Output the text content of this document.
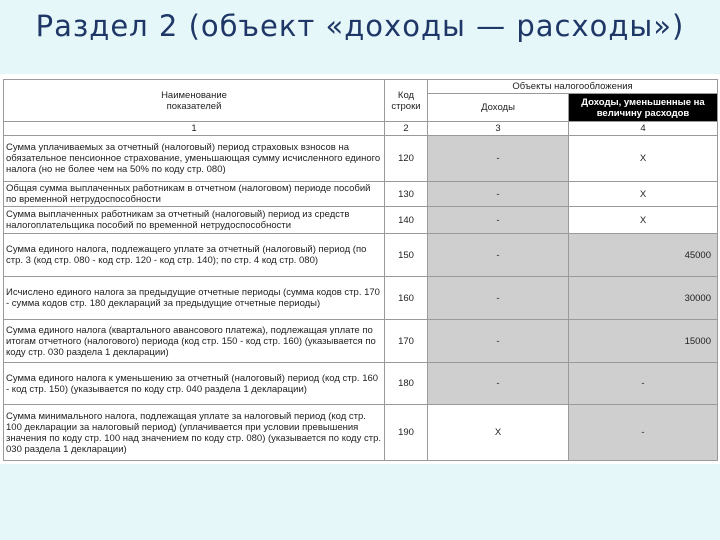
Раздел 2 (объект «доходы — расходы»)
Наименование показателей	Код строки	Объекты налогообложения	
		Доходы	Доходы, уменьшенные на величину расходов
1	2	3	4
Сумма уплачиваемых за отчетный (налоговый) период страховых взносов на обязательное пенсионное страхование, уменьшающая сумму исчисленного единого налога (но не более чем на 50% по коду стр. 080)	120	-	X
Общая сумма выплаченных работникам в отчетном (налоговом) периоде пособий по временной нетрудоспособности	130	-	X
Сумма выплаченных работникам за отчетный (налоговый) период из средств налогоплательщика пособий по временной нетрудоспособности	140	-	X
Сумма единого налога, подлежащего уплате за отчетный (налоговый) период (по стр. 3 (код стр. 080 - код стр. 120 - код стр. 140); по стр. 4 код стр. 080)	150	-	45000
Исчислено единого налога за предыдущие отчетные периоды (сумма кодов стр. 170 - сумма кодов стр. 180 деклараций за предыдущие отчетные периоды)	160	-	30000
Сумма единого налога (квартального авансового платежа), подлежащая уплате по итогам отчетного (налогового) периода (код стр. 150 - код стр. 160) (указывается по коду стр. 030 раздела 1 декларации)	170	-	15000
Сумма единого налога к уменьшению за отчетный (налоговый) период (код стр. 160 - код стр. 150) (указывается по коду стр. 040 раздела 1 декларации)	180	-	-
Сумма минимального налога, подлежащая уплате за налоговый период (код стр. 100 декларации за налоговый период) (уплачивается при условии превышения значения по коду стр. 100 над значением по коду стр. 080) (указывается по коду стр. 030 раздела 1 декларации)	190	X	-
